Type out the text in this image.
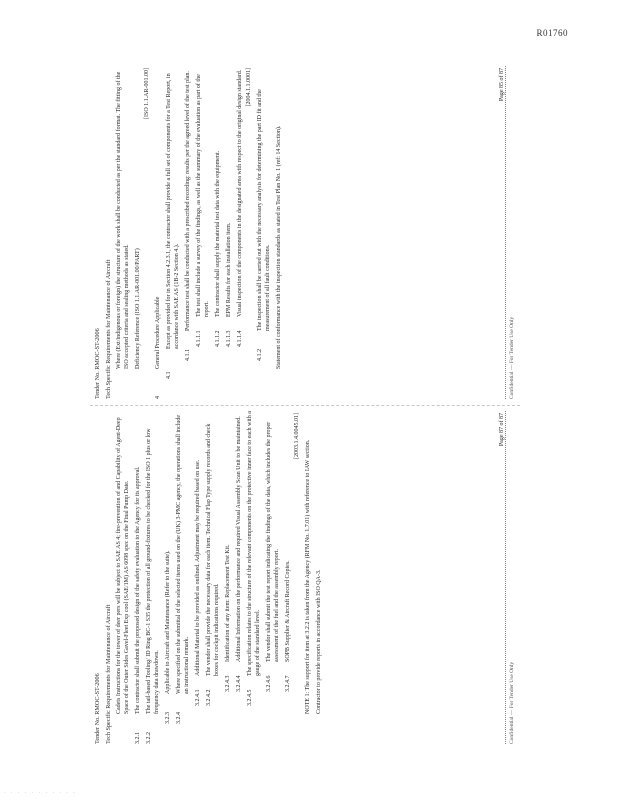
R01760
Tender No. RMOC-ST-2006 Tech Specific Requirements for Maintenance of Aircraft Cadets Instructions for the tower of deer pers will be subject to SAE AS 4; fire-prevention of and Capability of Agent-Deep Space of the Outer Sides Gavel-Fleet Exp cool (SAE/1M) AS 6098 spec on the Final Pump Date.
3.2.1
The contractor shall submit the proposed design of the safety evaluation to the Agency for its approval.
3.2.2
The tail-based Tooling/ ID Ring BC-1 S35 the protection of all ground-fixtures to be checked for the ISO 1 plus or low frequency data drawdown.
3.2.3
Applicable to Aircraft and Maintenance (Refer to the suite).
3.2.4
Where specified on the submittal of the selected items used on the (UK) 3-PMC agency, the operations shall include an instructional remark.
3.2.4.1
Additional Material to be provided as outlined. Adjustment may be required based on use.
3.2.4.2
The vendor shall provide the necessary data for each item. Technical Flap Type supply records and check boxes for cockpit indications required.
3.2.4.3
Identification of any item: Replacement Test Kit.
3.2.4.4
Additional Information on the performance and required Visual Assembly Scan Unit to be maintained.
3.2.4.5
The specification relates to the structure of the relevant components on the protective inner face to each with a gauge of the standard level.
3.2.4.6
The vendor shall submit the test report indicating the findings of the data, which includes the proper assessment of the fuel and the assembly report.
3.2.4.7
SOPB Supplier & Aircraft Record Copies.
[2003.1.4.0045.01]
NOTE 1: The support for item at 3.2.2 is taken from the Agency (RFM No. 1.7.01) with reference to IAW section. Contractor to provide reports in accordance with ISO QA-3.
Page 87 of 87
Confidential — For Tender Use Only
Tender No. RMOC-ST-2006 Tech Specific Requirements for Maintenance of Aircraft Where (Ext/indigenous or foreign) the structure of the work shall be conducted as per the standard format. The fitting of the ISO accepted criteria and sealing methods as stated. Deficiency Reference (ISO 1.1.AR-001.00/PART)
[ISO 1.1.AR-001.00]
4
General Procedure Applicable
4.1
Except as provided for in Section 4.2.3.1, the contractor shall provide a full set of components for a Test Report, in accordance with SAE AS (1B-2 Section 4.).
4.1.1
Performance test shall be conducted with a prescribed recording: results per the agreed level of the test plan.
4.1.1.1
The test shall include a survey of the findings, as well as the summary of the evaluation as part of the report.
4.1.1.2
The contractor shall supply the material test data with the equipment.
4.1.1.3
EPM Results for each installation item.
4.1.1.4
Visual inspection of the components in the designated area with respect to the original design standard. [2004.1.1.0001]
4.1.2
The inspection shall be carried out with the necessary analysis for determining the part ID fit and the measurement of all fault conditions. Statement of conformance with the inspection standards as stated in Test Plan No. 1 (ref: 14 Section).
Page 85 of 87
Confidential — For Tender Use Only
· · · · · · · · · · ·
